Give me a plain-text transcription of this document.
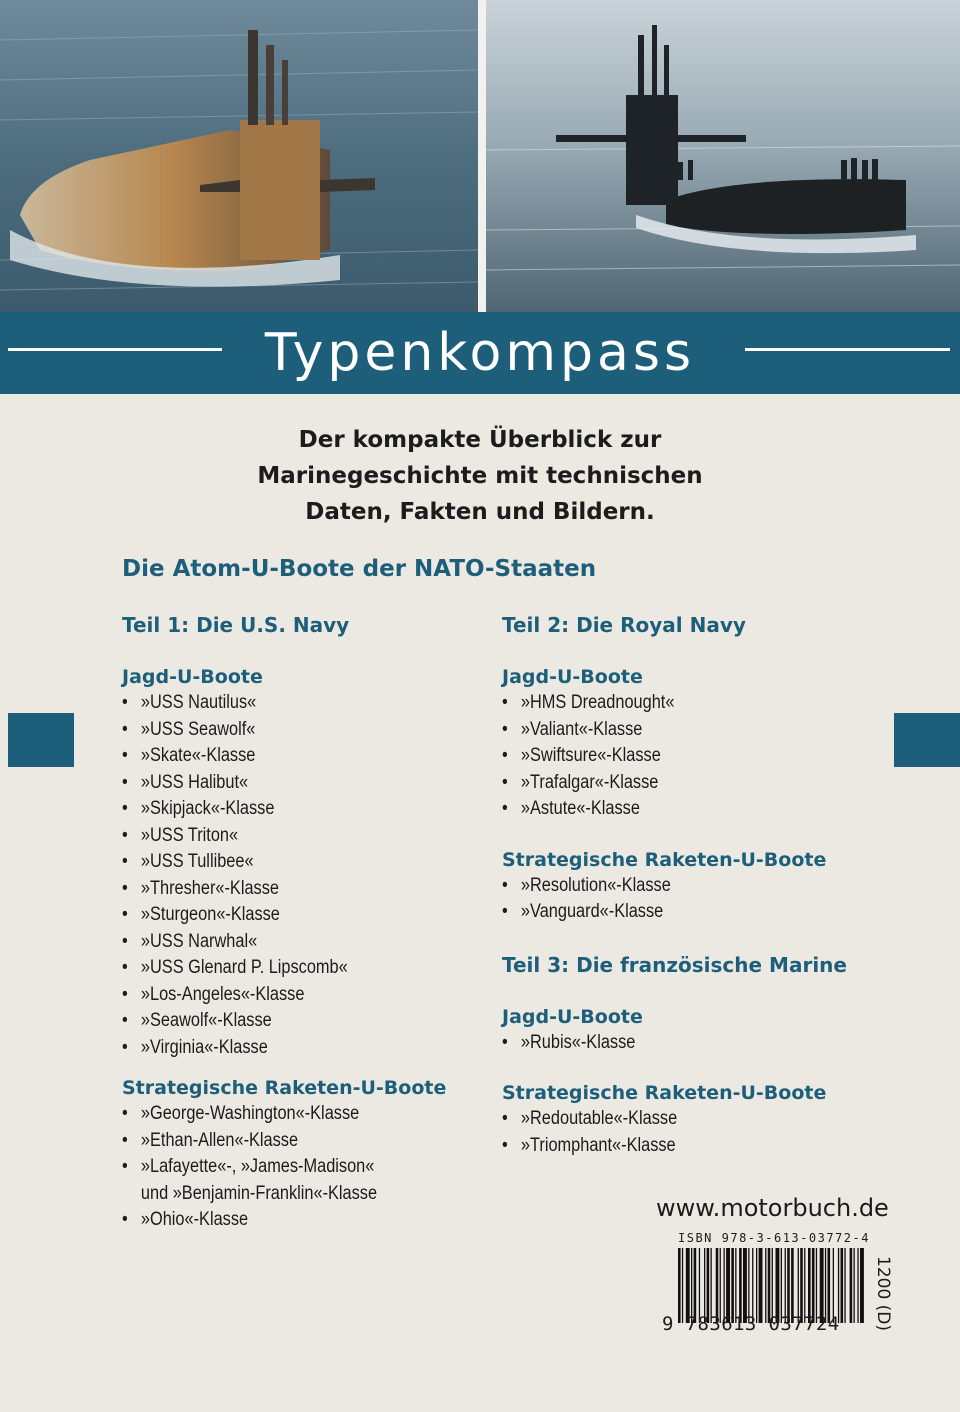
Typenkompass
Der kompakte Überblick zur
Marinegeschichte mit technischen
Daten, Fakten und Bildern.
Die Atom-U-Boote der NATO-Staaten
Teil 1: Die U.S. Navy
Jagd-U-Boote
• »USS Nautilus«
• »USS Seawolf«
• »Skate«-Klasse
• »USS Halibut«
• »Skipjack«-Klasse
• »USS Triton«
• »USS Tullibee«
• »Thresher«-Klasse
• »Sturgeon«-Klasse
• »USS Narwhal«
• »USS Glenard P. Lipscomb«
• »Los-Angeles«-Klasse
• »Seawolf«-Klasse
• »Virginia«-Klasse
Strategische Raketen-U-Boote
• »George-Washington«-Klasse
• »Ethan-Allen«-Klasse
• »Lafayette«-, »James-Madison«
und »Benjamin-Franklin«-Klasse
• »Ohio«-Klasse
Teil 2: Die Royal Navy
Jagd-U-Boote
• »HMS Dreadnought«
• »Valiant«-Klasse
• »Swiftsure«-Klasse
• »Trafalgar«-Klasse
• »Astute«-Klasse
Strategische Raketen-U-Boote
• »Resolution«-Klasse
• »Vanguard«-Klasse
Teil 3: Die französische Marine
Jagd-U-Boote
• »Rubis«-Klasse
Strategische Raketen-U-Boote
• »Redoutable«-Klasse
• »Triomphant«-Klasse
www.motorbuch.de
ISBN 978-3-613-03772-4
9 783613 037724 1200 (D)
